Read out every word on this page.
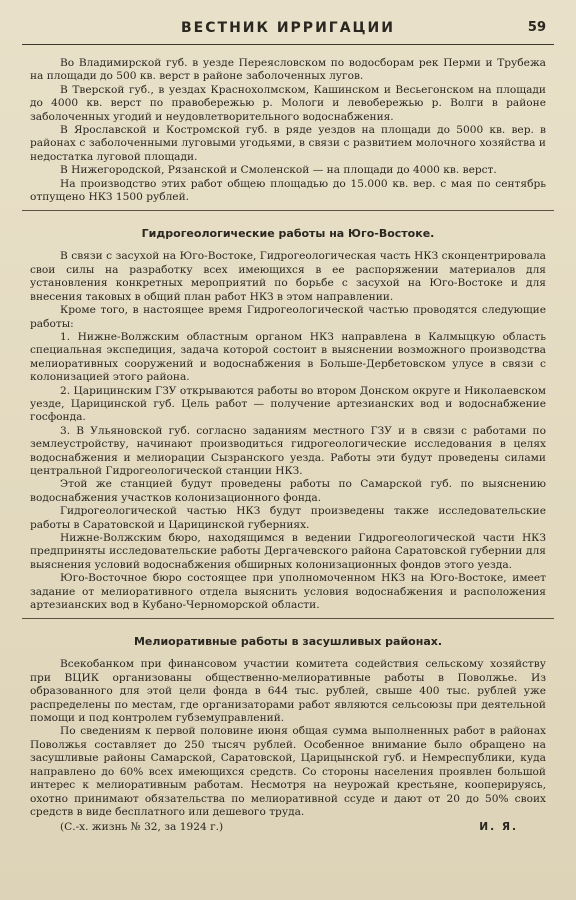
ВЕСТНИК ИРРИГАЦИИ	59

Во Владимирской губ. в уезде Переясловском по водосборам рек Перми и Трубежа на площади до 500 кв. верст в районе заболоченных лугов.

В Тверской губ., в уездах Краснохолмском, Кашинском и Весьегонском на площади до 4000 кв. верст по правобережью р. Мологи и левобережью р. Волги в районе заболоченных угодий и неудовлетворительного водоснабжения.

В Ярославской и Костромской губ. в ряде уездов на площади до 5000 кв. вер. в районах с заболоченными луговыми угодьями, в связи с развитием молочного хозяйства и недостатка луговой площади.

В Нижегородской, Рязанской и Смоленской — на площади до 4000 кв. верст.

На производство этих работ общею площадью до 15.000 кв. вер. с мая по сентябрь отпущено НКЗ 1500 рублей.

Гидрогеологические работы на Юго-Востоке.

В связи с засухой на Юго-Востоке, Гидрогеологическая часть НКЗ сконцентрировала свои силы на разработку всех имеющихся в ее распоряжении материалов для установления конкретных мероприятий по борьбе с засухой на Юго-Востоке и для внесения таковых в общий план работ НКЗ в этом направлении.

Кроме того, в настоящее время Гидрогеологической частью проводятся следующие работы:

1. Нижне-Волжским областным органом НКЗ направлена в Калмыцкую область специальная экспедиция, задача которой состоит в выяснении возможного производства мелиоративных сооружений и водоснабжения в Больше-Дербетовском улусе в связи с колонизацией этого района.

2. Царицинским ГЗУ открываются работы во втором Донском округе и Николаевском уезде, Царицинской губ. Цель работ — получение артезианских вод и водоснабжение госфонда.

3. В Ульяновской губ. согласно заданиям местного ГЗУ и в связи с работами по землеустройству, начинают производиться гидрогеологические исследования в целях водоснабжения и мелиорации Сызранского уезда. Работы эти будут проведены силами центральной Гидрогеологической станции НКЗ.

Этой же станцией будут проведены работы по Самарской губ. по выяснению водоснабжения участков колонизационного фонда.

Гидрогеологической частью НКЗ будут произведены также исследовательские работы в Саратовской и Царицинской губерниях.

Нижне-Волжским бюро, находящимся в ведении Гидрогеологической части НКЗ предприняты исследовательские работы Дергачевского района Саратовской губернии для выяснения условий водоснабжения обширных колонизационных фондов этого уезда.

Юго-Восточное бюро состоящее при уполномоченном НКЗ на Юго-Востоке, имеет задание от мелиоративного отдела выяснить условия водоснабжения и расположения артезианских вод в Кубано-Черноморской области.

Мелиоративные работы в засушливых районах.

Всекобанком при финансовом участии комитета содействия сельскому хозяйству при ВЦИК организованы общественно-мелиоративные работы в Поволжье. Из образованного для этой цели фонда в 644 тыс. рублей, свыше 400 тыс. рублей уже распределены по местам, где организаторами работ являются сельсоюзы при деятельной помощи и под контролем губземуправлений.

По сведениям к первой половине июня общая сумма выполненных работ в районах Поволжья составляет до 250 тысяч рублей. Особенное внимание было обращено на засушливые районы Самарской, Саратовской, Царицынской губ. и Немреспублики, куда направлено до 60% всех имеющихся средств. Со стороны населения проявлен большой интерес к мелиоративным работам. Несмотря на неурожай крестьяне, кооперируясь, охотно принимают обязательства по мелиоративной ссуде и дают от 20 до 50% своих средств в виде бесплатного или дешевого труда.

(С.-х. жизнь № 32, за 1924 г.)	И. Я.
